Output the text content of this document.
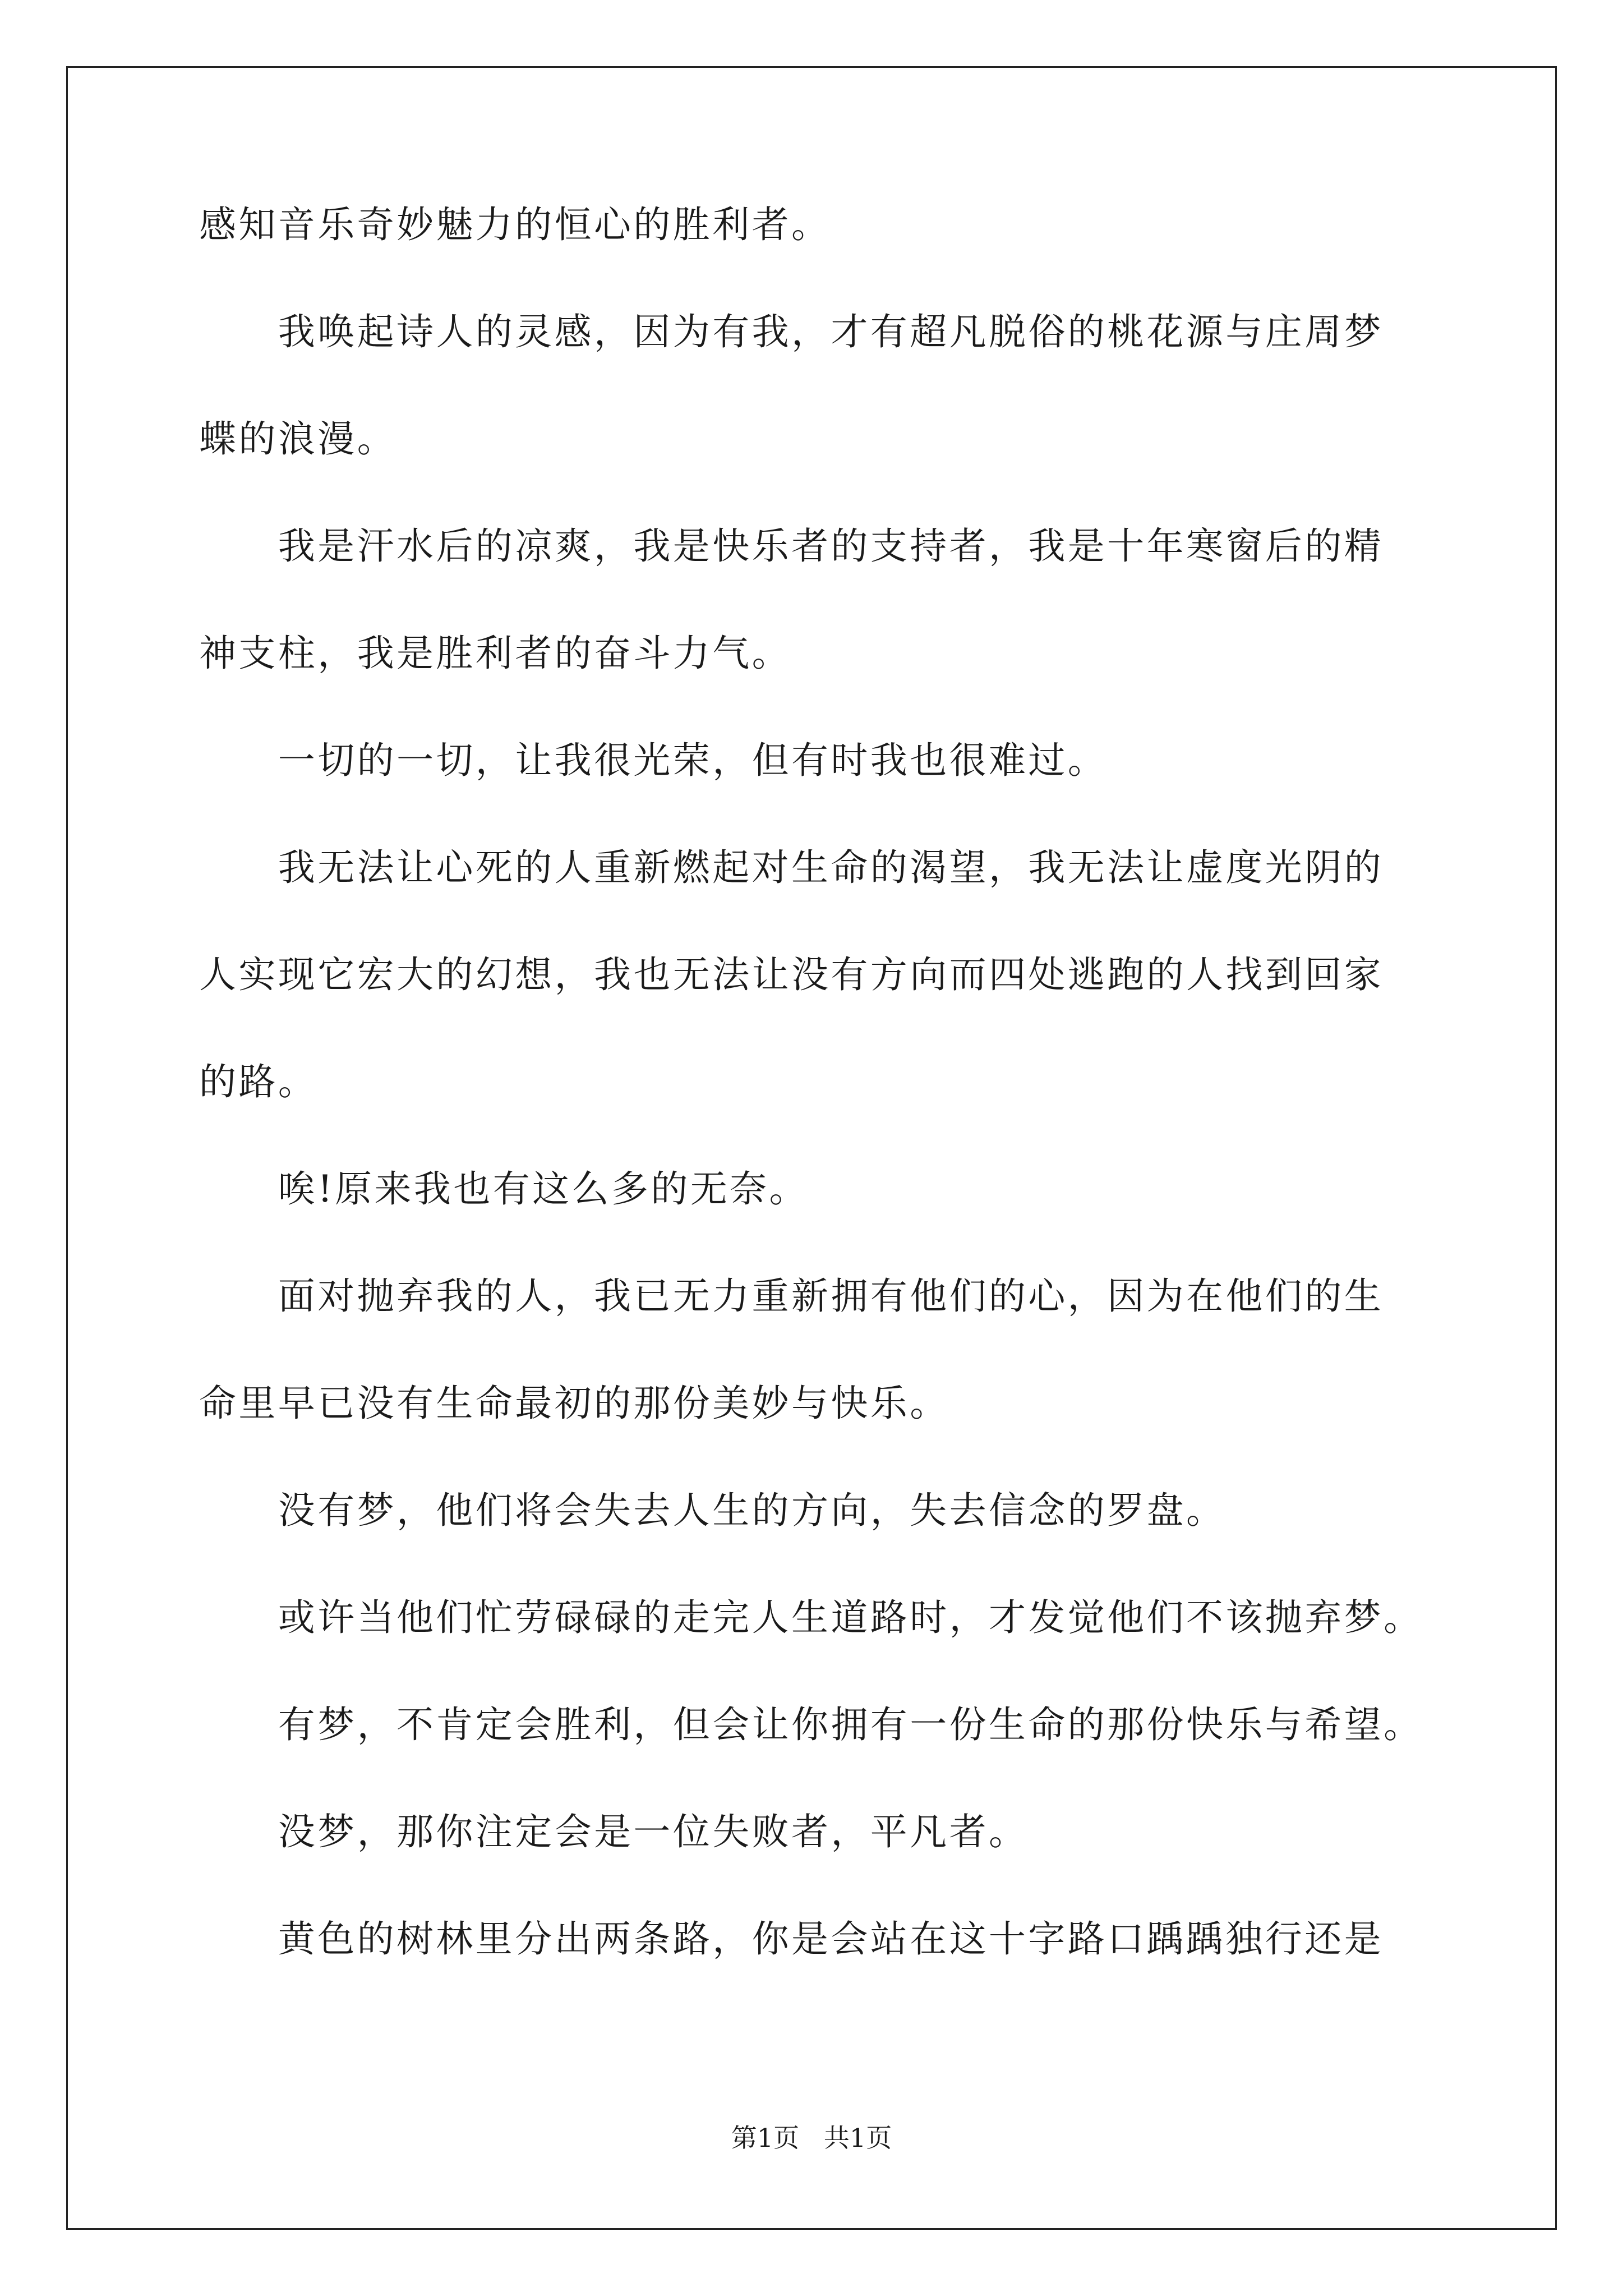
感知音乐奇妙魅力的恒心的胜利者。
　　我唤起诗人的灵感，因为有我，才有超凡脱俗的桃花源与庄周梦
蝶的浪漫。
　　我是汗水后的凉爽，我是快乐者的支持者，我是十年寒窗后的精
神支柱，我是胜利者的奋斗力气。
　　一切的一切，让我很光荣，但有时我也很难过。
　　我无法让心死的人重新燃起对生命的渴望，我无法让虚度光阴的
人实现它宏大的幻想，我也无法让没有方向而四处逃跑的人找到回家
的路。
　　唉!原来我也有这么多的无奈。
　　面对抛弃我的人，我已无力重新拥有他们的心，因为在他们的生
命里早已没有生命最初的那份美妙与快乐。
　　没有梦，他们将会失去人生的方向，失去信念的罗盘。
　　或许当他们忙劳碌碌的走完人生道路时，才发觉他们不该抛弃梦。
　　有梦，不肯定会胜利，但会让你拥有一份生命的那份快乐与希望。
　　没梦，那你注定会是一位失败者，平凡者。
　　黄色的树林里分出两条路，你是会站在这十字路口踽踽独行还是
第1页   共1页
